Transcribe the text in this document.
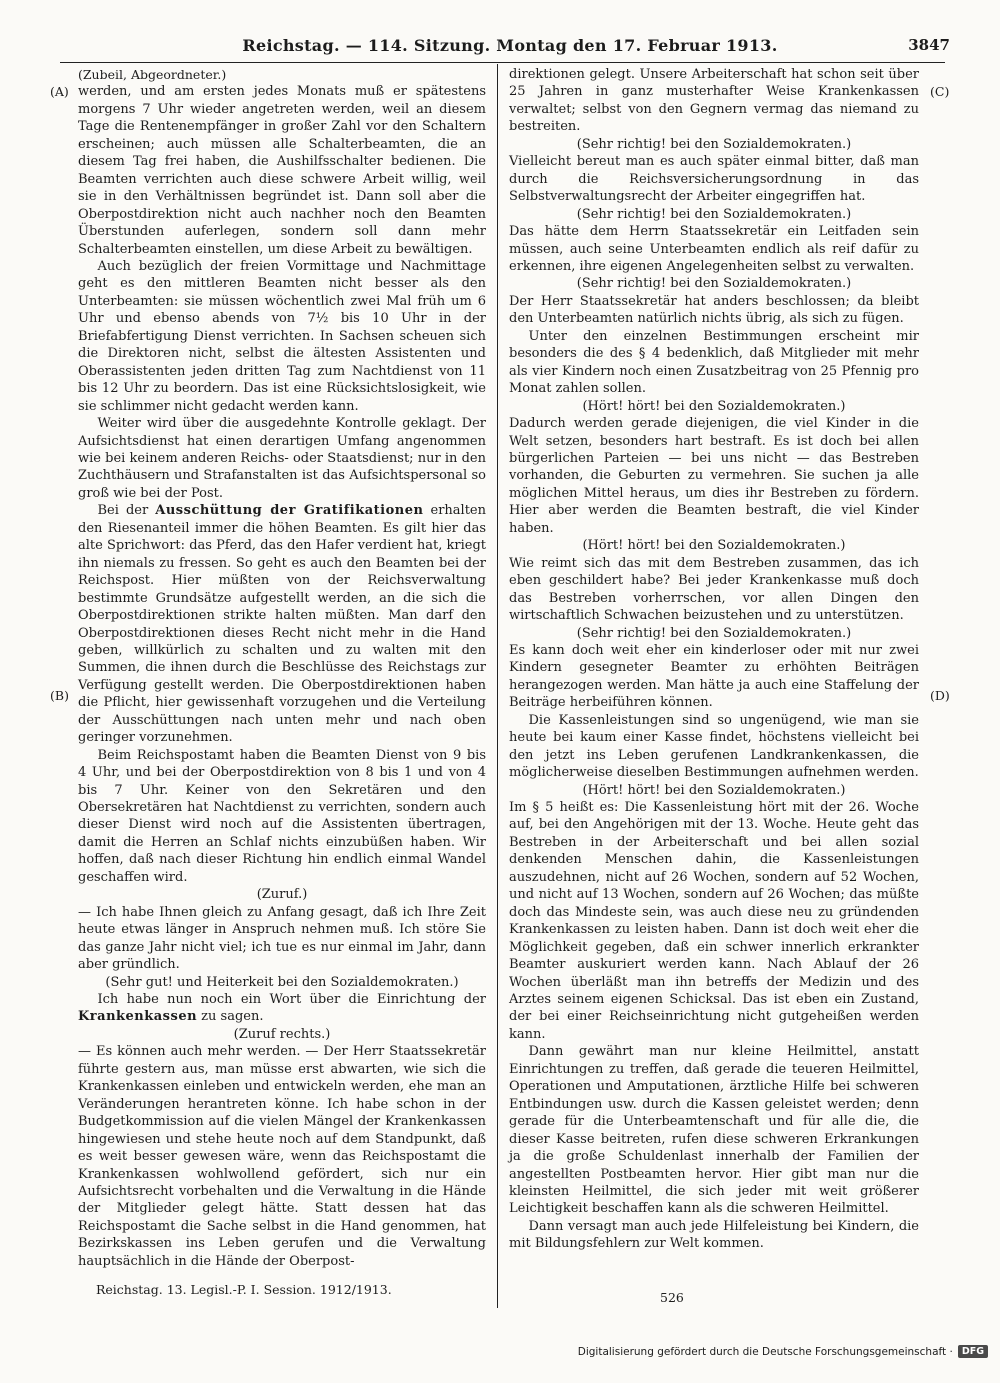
Reichstag. — 114. Sitzung. Montag den 17. Februar 1913.	3847
(A)
(B)
(C)
(D)

(Zubeil, Abgeordneter.)

werden, und am ersten jedes Monats muß er spätestens morgens 7 Uhr wieder angetreten werden, weil an diesem Tage die Rentenempfänger in großer Zahl vor den Schaltern erscheinen; auch müssen alle Schalterbeamten, die an diesem Tag frei haben, die Aushilfsschalter bedienen. Die Beamten verrichten auch diese schwere Arbeit willig, weil sie in den Verhältnissen begründet ist. Dann soll aber die Oberpostdirektion nicht auch nachher noch den Beamten Überstunden auferlegen, sondern soll dann mehr Schalterbeamten einstellen, um diese Arbeit zu bewältigen.

Auch bezüglich der freien Vormittage und Nachmittage geht es den mittleren Beamten nicht besser als den Unterbeamten: sie müssen wöchentlich zwei Mal früh um 6 Uhr und ebenso abends von 7½ bis 10 Uhr in der Briefabfertigung Dienst verrichten. In Sachsen scheuen sich die Direktoren nicht, selbst die ältesten Assistenten und Oberassistenten jeden dritten Tag zum Nachtdienst von 11 bis 12 Uhr zu beordern. Das ist eine Rücksichtslosigkeit, wie sie schlimmer nicht gedacht werden kann.

Weiter wird über die ausgedehnte Kontrolle geklagt. Der Aufsichtsdienst hat einen derartigen Umfang angenommen wie bei keinem anderen Reichs- oder Staatsdienst; nur in den Zuchthäusern und Strafanstalten ist das Aufsichtspersonal so groß wie bei der Post.

Bei der Ausschüttung der Gratifikationen erhalten den Riesenanteil immer die höhen Beamten. Es gilt hier das alte Sprichwort: das Pferd, das den Hafer verdient hat, kriegt ihn niemals zu fressen. So geht es auch den Beamten bei der Reichspost. Hier müßten von der Reichsverwaltung bestimmte Grundsätze aufgestellt werden, an die sich die Oberpostdirektionen strikte halten müßten. Man darf den Oberpostdirektionen dieses Recht nicht mehr in die Hand geben, willkürlich zu schalten und zu walten mit den Summen, die ihnen durch die Beschlüsse des Reichstags zur Verfügung gestellt werden. Die Oberpostdirektionen haben die Pflicht, hier gewissenhaft vorzugehen und die Verteilung der Ausschüttungen nach unten mehr und nach oben geringer vorzunehmen.

Beim Reichspostamt haben die Beamten Dienst von 9 bis 4 Uhr, und bei der Oberpostdirektion von 8 bis 1 und von 4 bis 7 Uhr. Keiner von den Sekretären und den Obersekretären hat Nachtdienst zu verrichten, sondern auch dieser Dienst wird noch auf die Assistenten übertragen, damit die Herren an Schlaf nichts einzubüßen haben. Wir hoffen, daß nach dieser Richtung hin endlich einmal Wandel geschaffen wird.

(Zuruf.)

— Ich habe Ihnen gleich zu Anfang gesagt, daß ich Ihre Zeit heute etwas länger in Anspruch nehmen muß. Ich störe Sie das ganze Jahr nicht viel; ich tue es nur einmal im Jahr, dann aber gründlich.

(Sehr gut! und Heiterkeit bei den Sozialdemokraten.)

Ich habe nun noch ein Wort über die Einrichtung der Krankenkassen zu sagen.

(Zuruf rechts.)

— Es können auch mehr werden. — Der Herr Staatssekretär führte gestern aus, man müsse erst abwarten, wie sich die Krankenkassen einleben und entwickeln werden, ehe man an Veränderungen herantreten könne. Ich habe schon in der Budgetkommission auf die vielen Mängel der Krankenkassen hingewiesen und stehe heute noch auf dem Standpunkt, daß es weit besser gewesen wäre, wenn das Reichspostamt die Krankenkassen wohlwollend gefördert, sich nur ein Aufsichtsrecht vorbehalten und die Verwaltung in die Hände der Mitglieder gelegt hätte. Statt dessen hat das Reichspostamt die Sache selbst in die Hand genommen, hat Bezirkskassen ins Leben gerufen und die Verwaltung hauptsächlich in die Hände der Oberpost-

direktionen gelegt. Unsere Arbeiterschaft hat schon seit über 25 Jahren in ganz musterhafter Weise Krankenkassen verwaltet; selbst von den Gegnern vermag das niemand zu bestreiten.

(Sehr richtig! bei den Sozialdemokraten.)

Vielleicht bereut man es auch später einmal bitter, daß man durch die Reichsversicherungsordnung in das Selbstverwaltungsrecht der Arbeiter eingegriffen hat.

(Sehr richtig! bei den Sozialdemokraten.)

Das hätte dem Herrn Staatssekretär ein Leitfaden sein müssen, auch seine Unterbeamten endlich als reif dafür zu erkennen, ihre eigenen Angelegenheiten selbst zu verwalten.

(Sehr richtig! bei den Sozialdemokraten.)

Der Herr Staatssekretär hat anders beschlossen; da bleibt den Unterbeamten natürlich nichts übrig, als sich zu fügen.

Unter den einzelnen Bestimmungen erscheint mir besonders die des § 4 bedenklich, daß Mitglieder mit mehr als vier Kindern noch einen Zusatzbeitrag von 25 Pfennig pro Monat zahlen sollen.

(Hört! hört! bei den Sozialdemokraten.)

Dadurch werden gerade diejenigen, die viel Kinder in die Welt setzen, besonders hart bestraft. Es ist doch bei allen bürgerlichen Parteien — bei uns nicht — das Bestreben vorhanden, die Geburten zu vermehren. Sie suchen ja alle möglichen Mittel heraus, um dies ihr Bestreben zu fördern. Hier aber werden die Beamten bestraft, die viel Kinder haben.

(Hört! hört! bei den Sozialdemokraten.)

Wie reimt sich das mit dem Bestreben zusammen, das ich eben geschildert habe? Bei jeder Krankenkasse muß doch das Bestreben vorherrschen, vor allen Dingen den wirtschaftlich Schwachen beizustehen und zu unterstützen.

(Sehr richtig! bei den Sozialdemokraten.)

Es kann doch weit eher ein kinderloser oder mit nur zwei Kindern gesegneter Beamter zu erhöhten Beiträgen herangezogen werden. Man hätte ja auch eine Staffelung der Beiträge herbeiführen können.

Die Kassenleistungen sind so ungenügend, wie man sie heute bei kaum einer Kasse findet, höchstens vielleicht bei den jetzt ins Leben gerufenen Landkrankenkassen, die möglicherweise dieselben Bestimmungen aufnehmen werden.

(Hört! hört! bei den Sozialdemokraten.)

Im § 5 heißt es: Die Kassenleistung hört mit der 26. Woche auf, bei den Angehörigen mit der 13. Woche. Heute geht das Bestreben in der Arbeiterschaft und bei allen sozial denkenden Menschen dahin, die Kassenleistungen auszudehnen, nicht auf 26 Wochen, sondern auf 52 Wochen, und nicht auf 13 Wochen, sondern auf 26 Wochen; das müßte doch das Mindeste sein, was auch diese neu zu gründenden Krankenkassen zu leisten haben. Dann ist doch weit eher die Möglichkeit gegeben, daß ein schwer innerlich erkrankter Beamter auskuriert werden kann. Nach Ablauf der 26 Wochen überläßt man ihn betreffs der Medizin und des Arztes seinem eigenen Schicksal. Das ist eben ein Zustand, der bei einer Reichseinrichtung nicht gutgeheißen werden kann.

Dann gewährt man nur kleine Heilmittel, anstatt Einrichtungen zu treffen, daß gerade die teueren Heilmittel, Operationen und Amputationen, ärztliche Hilfe bei schweren Entbindungen usw. durch die Kassen geleistet werden; denn gerade für die Unterbeamtenschaft und für alle die, die dieser Kasse beitreten, rufen diese schweren Erkrankungen ja die große Schuldenlast innerhalb der Familien der angestellten Postbeamten hervor. Hier gibt man nur die kleinsten Heilmittel, die sich jeder mit weit größerer Leichtigkeit beschaffen kann als die schweren Heilmittel.

Dann versagt man auch jede Hilfeleistung bei Kindern, die mit Bildungsfehlern zur Welt kommen.

Reichstag. 13. Legisl.-P. I. Session. 1912/1913.
526
Digitalisierung gefördert durch die Deutsche Forschungsgemeinschaft · DFG
